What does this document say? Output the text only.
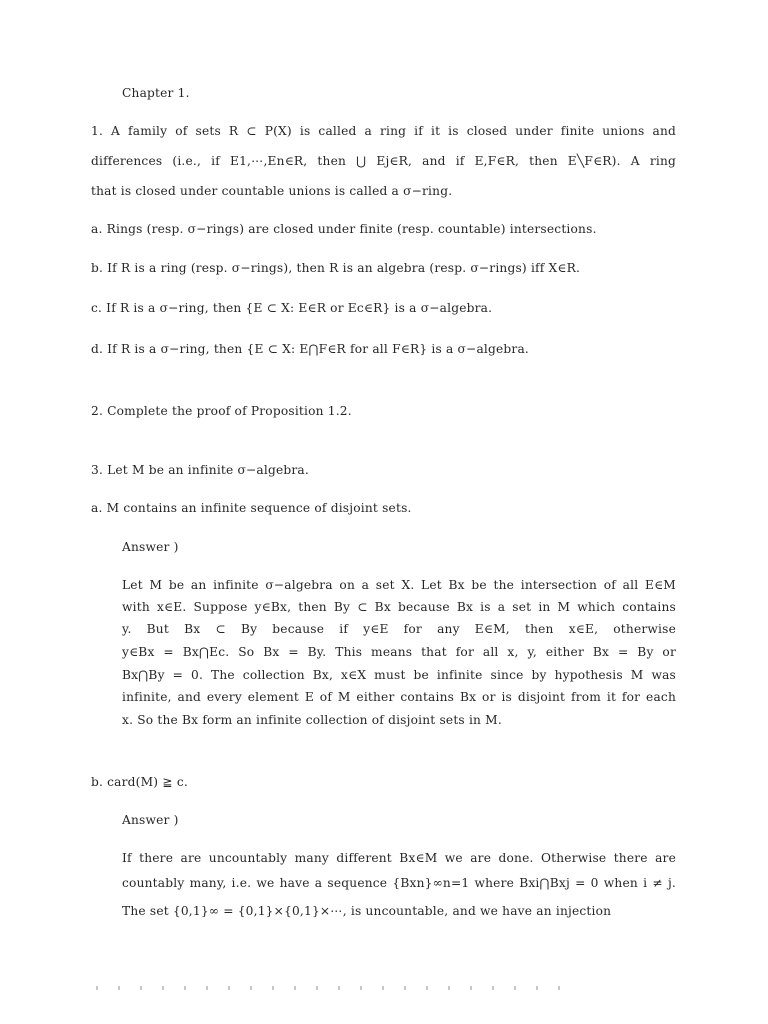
Chapter 1.
1. A family of sets R ⊂ P(X) is called a ring if it is closed under finite unions and
differences (i.e., if E1,⋯,En∈R, then ⋃ Ej∈R, and if E,F∈R, then E╲F∈R). A ring
that is closed under countable unions is called a σ−ring.
a. Rings (resp. σ−rings) are closed under finite (resp. countable) intersections.
b. If R is a ring (resp. σ−rings), then R is an algebra (resp. σ−rings) iff X∈R.
c. If R is a σ−ring, then {E ⊂ X: E∈R or Ec∈R} is a σ−algebra.
d. If R is a σ−ring, then {E ⊂ X: E⋂F∈R for all F∈R} is a σ−algebra.
2. Complete the proof of Proposition 1.2.
3. Let M be an infinite σ−algebra.
a. M contains an infinite sequence of disjoint sets.
Answer )
Let M be an infinite σ−algebra on a set X. Let Bx be the intersection of all E∈M
with x∈E. Suppose y∈Bx, then By ⊂ Bx because Bx is a set in M which contains
y. But Bx ⊂ By because if y∈E for any E∈M, then x∈E, otherwise
y∈Bx = Bx⋂Ec. So Bx = By. This means that for all x, y, either Bx = By or
Bx⋂By = 0. The collection Bx, x∈X must be infinite since by hypothesis M was
infinite, and every element E of M either contains Bx or is disjoint from it for each
x. So the Bx form an infinite collection of disjoint sets in M.
b. card(M) ≧ c.
Answer )
If there are uncountably many different Bx∈M we are done. Otherwise there are
countably many, i.e. we have a sequence {Bxn}∞n=1 where Bxi⋂Bxj = 0 when i ≠ j.
The set {0,1}∞ = {0,1}×{0,1}×⋯, is uncountable, and we have an injection
